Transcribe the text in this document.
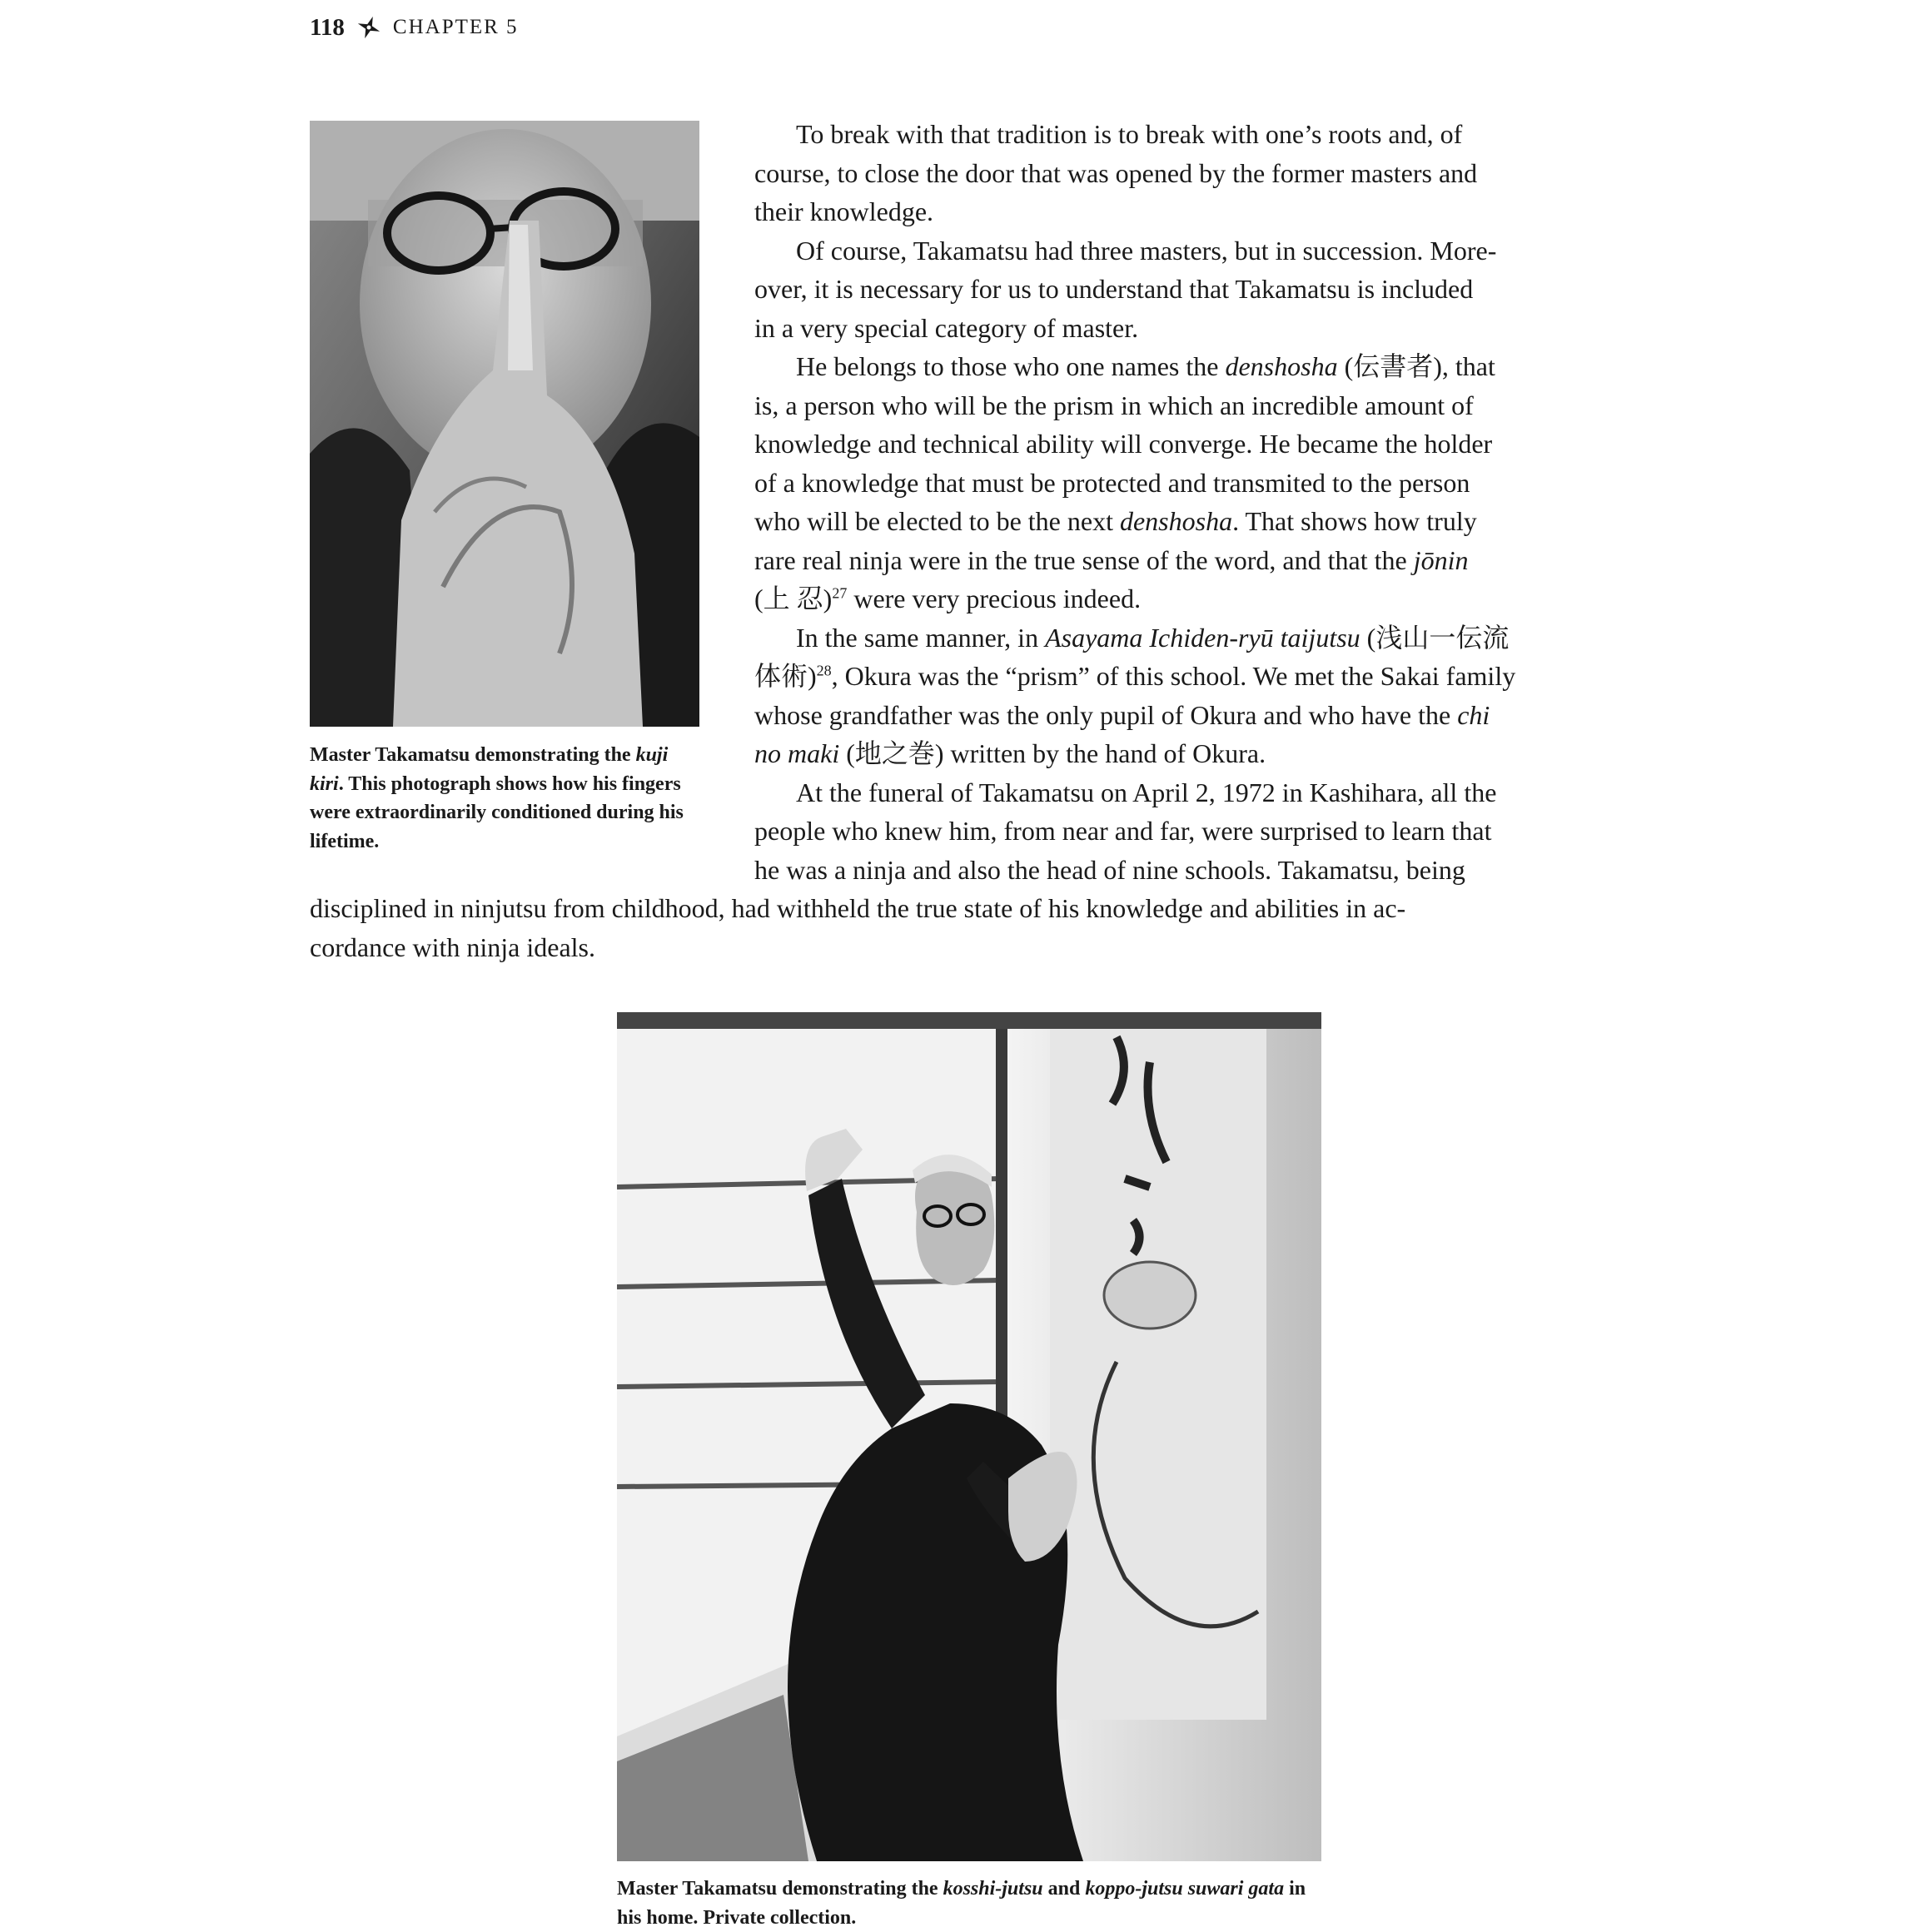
118 CHAPTER 5
Master Takamatsu demonstrating the kuji kiri. This photograph shows how his fingers were extraordinarily conditioned during his lifetime.
To break with that tradition is to break with one’s roots and, of
course, to close the door that was opened by the former masters and
their knowledge.
Of course, Takamatsu had three masters, but in succession. More-
over, it is necessary for us to understand that Takamatsu is included
in a very special category of master.
He belongs to those who one names the denshosha (伝書者), that
is, a person who will be the prism in which an incredible amount of
knowledge and technical ability will converge. He became the holder
of a knowledge that must be protected and transmited to the person
who will be elected to be the next denshosha. That shows how truly
rare real ninja were in the true sense of the word, and that the jōnin
(上 忍)$^{27}$ were very precious indeed.
In the same manner, in Asayama Ichiden-ryū taijutsu (浅山一伝流
体術)$^{28}$, Okura was the “prism” of this school. We met the Sakai family
whose grandfather was the only pupil of Okura and who have the chi
no maki (地之巻) written by the hand of Okura.
At the funeral of Takamatsu on April 2, 1972 in Kashihara, all the
people who knew him, from near and far, were surprised to learn that
he was a ninja and also the head of nine schools. Takamatsu, being
disciplined in ninjutsu from childhood, had withheld the true state of his knowledge and abilities in ac-
cordance with ninja ideals.
Master Takamatsu demonstrating the kosshi-jutsu and koppo-jutsu suwari gata in his home. Private collection.
